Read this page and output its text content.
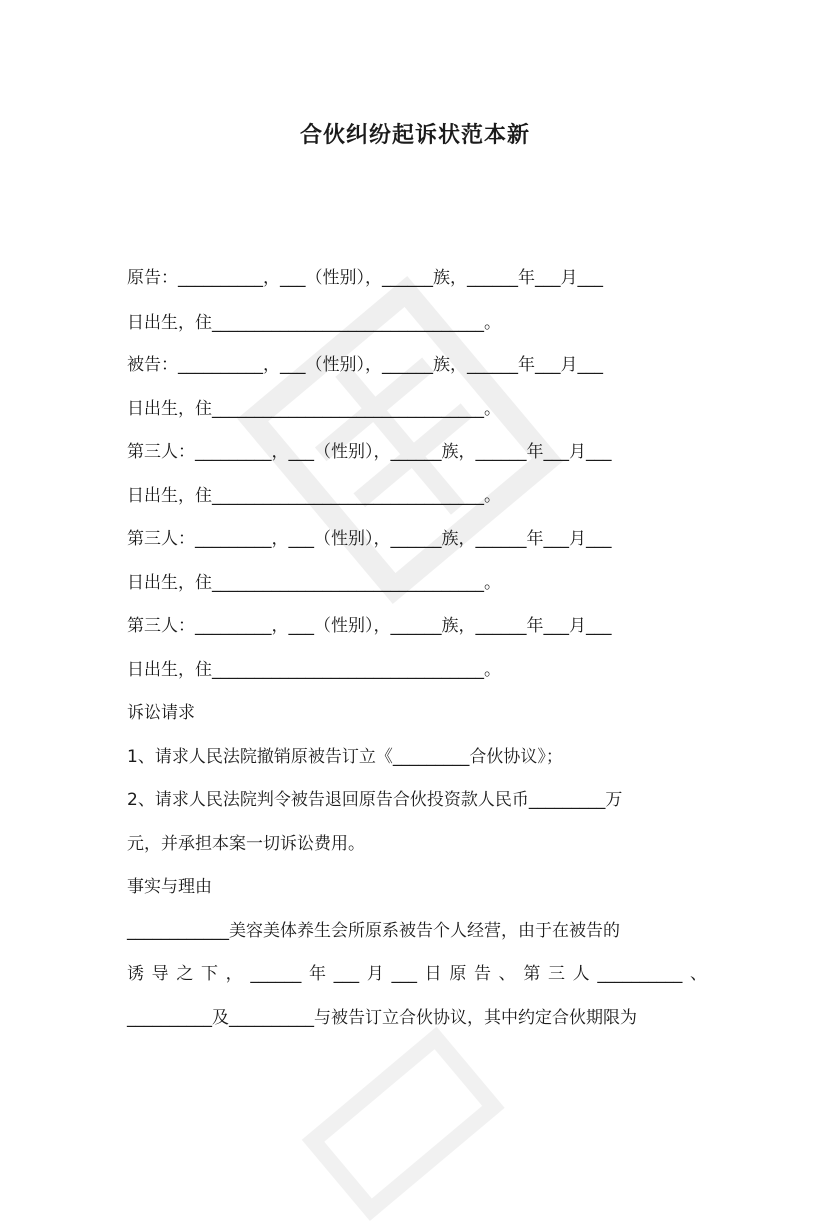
合伙纠纷起诉状范本新
原告：__________，___（性别），______族，______年___月___
日出生，住________________________________。
被告：__________，___（性别），______族，______年___月___
日出生，住________________________________。
第三人：_________，___（性别），______族，______年___月___
日出生，住________________________________。
第三人：_________，___（性别），______族，______年___月___
日出生，住________________________________。
第三人：_________，___（性别），______族，______年___月___
日出生，住________________________________。
诉讼请求
1、请求人民法院撤销原被告订立《_________合伙协议》；
2、请求人民法院判令被告退回原告合伙投资款人民币_________万
元，并承担本案一切诉讼费用。
事实与理由
____________美容美体养生会所原系被告个人经营，由于在被告的
诱导之下，______年___月___日原告、第三人__________、
__________及__________与被告订立合伙协议，其中约定合伙期限为
